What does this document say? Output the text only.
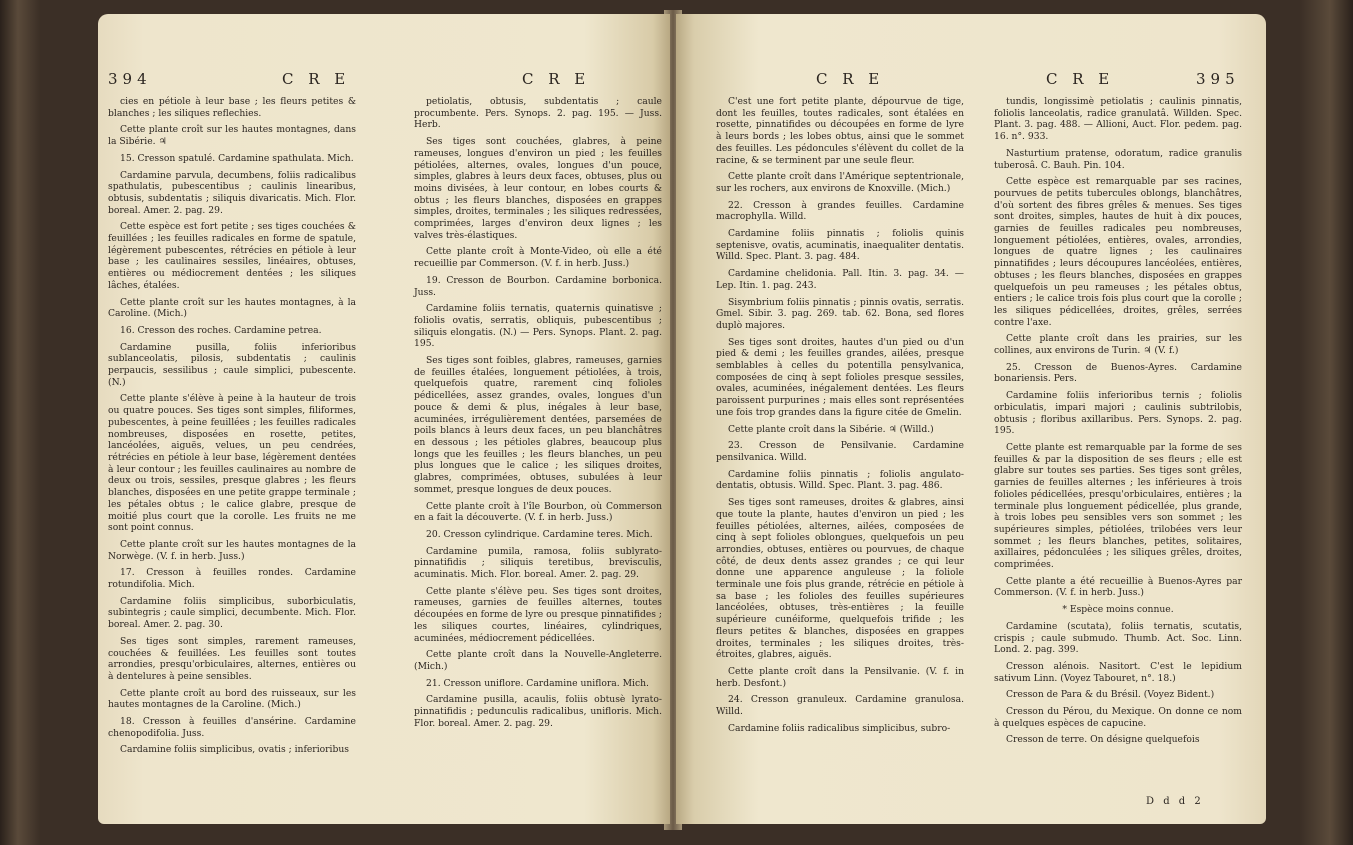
394	C R E	C R E

cies en pétiole à leur base ; les fleurs petites & blanches ; les siliques reflechies.

Cette plante croît sur les hautes montagnes, dans la Sibérie. ♃

15. Cresson spatulé. Cardamine spathulata. Mich.

Cardamine parvula, decumbens, foliis radicalibus spathulatis, pubescentibus ; caulinis linearibus, obtusis, subdentatis ; siliquis divaricatis. Mich. Flor. boreal. Amer. 2. pag. 29.

Cette espèce est fort petite ; ses tiges couchées & feuillées ; les feuilles radicales en forme de spatule, légèrement pubescentes, rétrécies en pétiole à leur base ; les caulinaires sessiles, linéaires, obtuses, entières ou médiocrement dentées ; les siliques lâches, étalées.

Cette plante croît sur les hautes montagnes, à la Caroline. (Mich.)

16. Cresson des roches. Cardamine petrea.

Cardamine pusilla, foliis inferioribus sublanceolatis, pilosis, subdentatis ; caulinis perpaucis, sessilibus ; caule simplici, pubescente. (N.)

Cette plante s'élève à peine à la hauteur de trois ou quatre pouces. Ses tiges sont simples, filiformes, pubescentes, à peine feuillées ; les feuilles radicales nombreuses, disposées en rosette, petites, lancéolées, aiguës, velues, un peu cendrées, rétrécies en pétiole à leur base, légèrement dentées à leur contour ; les feuilles caulinaires au nombre de deux ou trois, sessiles, presque glabres ; les fleurs blanches, disposées en une petite grappe terminale ; les pétales obtus ; le calice glabre, presque de moitié plus court que la corolle. Les fruits ne me sont point connus.

Cette plante croît sur les hautes montagnes de la Norwège. (V. f. in herb. Juss.)

17. Cresson à feuilles rondes. Cardamine rotundifolia. Mich.

Cardamine foliis simplicibus, suborbiculatis, subintegris ; caule simplici, decumbente. Mich. Flor. boreal. Amer. 2. pag. 30.

Ses tiges sont simples, rarement rameuses, couchées & feuillées. Les feuilles sont toutes arrondies, presqu'orbiculaires, alternes, entières ou à dentelures à peine sensibles.

Cette plante croît au bord des ruisseaux, sur les hautes montagnes de la Caroline. (Mich.)

18. Cresson à feuilles d'ansérine. Cardamine chenopodifolia. Juss.

Cardamine foliis simplicibus, ovatis ; inferioribus

petiolatis, obtusis, subdentatis ; caule procumbente. Pers. Synops. 2. pag. 195. — Juss. Herb.

Ses tiges sont couchées, glabres, à peine rameuses, longues d'environ un pied ; les feuilles pétiolées, alternes, ovales, longues d'un pouce, simples, glabres à leurs deux faces, obtuses, plus ou moins divisées, à leur contour, en lobes courts & obtus ; les fleurs blanches, disposées en grappes simples, droites, terminales ; les siliques redressées, comprimées, larges d'environ deux lignes ; les valves très-élastiques.

Cette plante croît à Monte-Video, où elle a été recueillie par Commerson. (V. f. in herb. Juss.)

19. Cresson de Bourbon. Cardamine borbonica. Juss.

Cardamine foliis ternatis, quaternis quinatisve ; foliolis ovatis, serratis, obliquis, pubescentibus ; siliquis elongatis. (N.) — Pers. Synops. Plant. 2. pag. 195.

Ses tiges sont foibles, glabres, rameuses, garnies de feuilles étalées, longuement pétiolées, à trois, quelquefois quatre, rarement cinq folioles pédicellées, assez grandes, ovales, longues d'un pouce & demi & plus, inégales à leur base, acuminées, irrégulièrement dentées, parsemées de poils blancs à leurs deux faces, un peu blanchâtres en dessous ; les pétioles glabres, beaucoup plus longs que les feuilles ; les fleurs blanches, un peu plus longues que le calice ; les siliques droites, glabres, comprimées, obtuses, subulées à leur sommet, presque longues de deux pouces.

Cette plante croît à l'île Bourbon, où Commerson en a fait la découverte. (V. f. in herb. Juss.)

20. Cresson cylindrique. Cardamine teres. Mich.

Cardamine pumila, ramosa, foliis sublyrato-pinnatifidis ; siliquis teretibus, brevisculis, acuminatis. Mich. Flor. boreal. Amer. 2. pag. 29.

Cette plante s'élève peu. Ses tiges sont droites, rameuses, garnies de feuilles alternes, toutes découpées en forme de lyre ou presque pinnatifides ; les siliques courtes, linéaires, cylindriques, acuminées, médiocrement pédicellées.

Cette plante croît dans la Nouvelle-Angleterre. (Mich.)

21. Cresson uniflore. Cardamine uniflora. Mich.

Cardamine pusilla, acaulis, foliis obtusè lyrato-pinnatifidis ; pedunculis radicalibus, unifloris. Mich. Flor. boreal. Amer. 2. pag. 29.

C R E	C R E	395

C'est une fort petite plante, dépourvue de tige, dont les feuilles, toutes radicales, sont étalées en rosette, pinnatifides ou découpées en forme de lyre à leurs bords ; les lobes obtus, ainsi que le sommet des feuilles. Les pédoncules s'élèvent du collet de la racine, & se terminent par une seule fleur.

Cette plante croît dans l'Amérique septentrionale, sur les rochers, aux environs de Knoxville. (Mich.)

22. Cresson à grandes feuilles. Cardamine macrophylla. Willd.

Cardamine foliis pinnatis ; foliolis quinis septenisve, ovatis, acuminatis, inaequaliter dentatis. Willd. Spec. Plant. 3. pag. 484.

Cardamine chelidonia. Pall. Itin. 3. pag. 34. — Lep. Itin. 1. pag. 243.

Sisymbrium foliis pinnatis ; pinnis ovatis, serratis. Gmel. Sibir. 3. pag. 269. tab. 62. Bona, sed flores duplò majores.

Ses tiges sont droites, hautes d'un pied ou d'un pied & demi ; les feuilles grandes, ailées, presque semblables à celles du potentilla pensylvanica, composées de cinq à sept folioles presque sessiles, ovales, acuminées, inégalement dentées. Les fleurs paroissent purpurines ; mais elles sont représentées une fois trop grandes dans la figure citée de Gmelin.

Cette plante croît dans la Sibérie. ♃ (Willd.)

23. Cresson de Pensilvanie. Cardamine pensilvanica. Willd.

Cardamine foliis pinnatis ; foliolis angulato-dentatis, obtusis. Willd. Spec. Plant. 3. pag. 486.

Ses tiges sont rameuses, droites & glabres, ainsi que toute la plante, hautes d'environ un pied ; les feuilles pétiolées, alternes, ailées, composées de cinq à sept folioles oblongues, quelquefois un peu arrondies, obtuses, entières ou pourvues, de chaque côté, de deux dents assez grandes ; ce qui leur donne une apparence anguleuse ; la foliole terminale une fois plus grande, rétrécie en pétiole à sa base ; les folioles des feuilles supérieures lancéolées, obtuses, très-entières ; la feuille supérieure cunéiforme, quelquefois trifide ; les fleurs petites & blanches, disposées en grappes droites, terminales ; les siliques droites, très-étroites, glabres, aiguës.

Cette plante croît dans la Pensilvanie. (V. f. in herb. Desfont.)

24. Cresson granuleux. Cardamine granulosa. Willd.

Cardamine foliis radicalibus simplicibus, subro-

tundis, longissimè petiolatis ; caulinis pinnatis, foliolis lanceolatis, radice granulatâ. Willden. Spec. Plant. 3. pag. 488. — Allioni, Auct. Flor. pedem. pag. 16. n°. 933.

Nasturtium pratense, odoratum, radice granulis tuberosâ. C. Bauh. Pin. 104.

Cette espèce est remarquable par ses racines, pourvues de petits tubercules oblongs, blanchâtres, d'où sortent des fibres grêles & menues. Ses tiges sont droites, simples, hautes de huit à dix pouces, garnies de feuilles radicales peu nombreuses, longuement pétiolées, entières, ovales, arrondies, longues de quatre lignes ; les caulinaires pinnatifides ; leurs découpures lancéolées, entières, obtuses ; les fleurs blanches, disposées en grappes quelquefois un peu rameuses ; les pétales obtus, entiers ; le calice trois fois plus court que la corolle ; les siliques pédicellées, droites, grêles, serrées contre l'axe.

Cette plante croît dans les prairies, sur les collines, aux environs de Turin. ♃ (V. f.)

25. Cresson de Buenos-Ayres. Cardamine bonariensis. Pers.

Cardamine foliis inferioribus ternis ; foliolis orbiculatis, impari majori ; caulinis subtrilobis, obtusis ; floribus axillaribus. Pers. Synops. 2. pag. 195.

Cette plante est remarquable par la forme de ses feuilles & par la disposition de ses fleurs ; elle est glabre sur toutes ses parties. Ses tiges sont grêles, garnies de feuilles alternes ; les inférieures à trois folioles pédicellées, presqu'orbiculaires, entières ; la terminale plus longuement pédicellée, plus grande, à trois lobes peu sensibles vers son sommet ; les supérieures simples, pétiolées, trilobées vers leur sommet ; les fleurs blanches, petites, solitaires, axillaires, pédonculées ; les siliques grêles, droites, comprimées.

Cette plante a été recueillie à Buenos-Ayres par Commerson. (V. f. in herb. Juss.)

* Espèce moins connue.

Cardamine (scutata), foliis ternatis, scutatis, crispis ; caule submudo. Thumb. Act. Soc. Linn. Lond. 2. pag. 399.

Cresson alénois. Nasitort. C'est le lepidium sativum Linn. (Voyez Tabouret, n°. 18.)

Cresson de Para & du Brésil. (Voyez Bident.)

Cresson du Pérou, du Mexique. On donne ce nom à quelques espèces de capucine.

Cresson de terre. On désigne quelquefois

D d d 2
